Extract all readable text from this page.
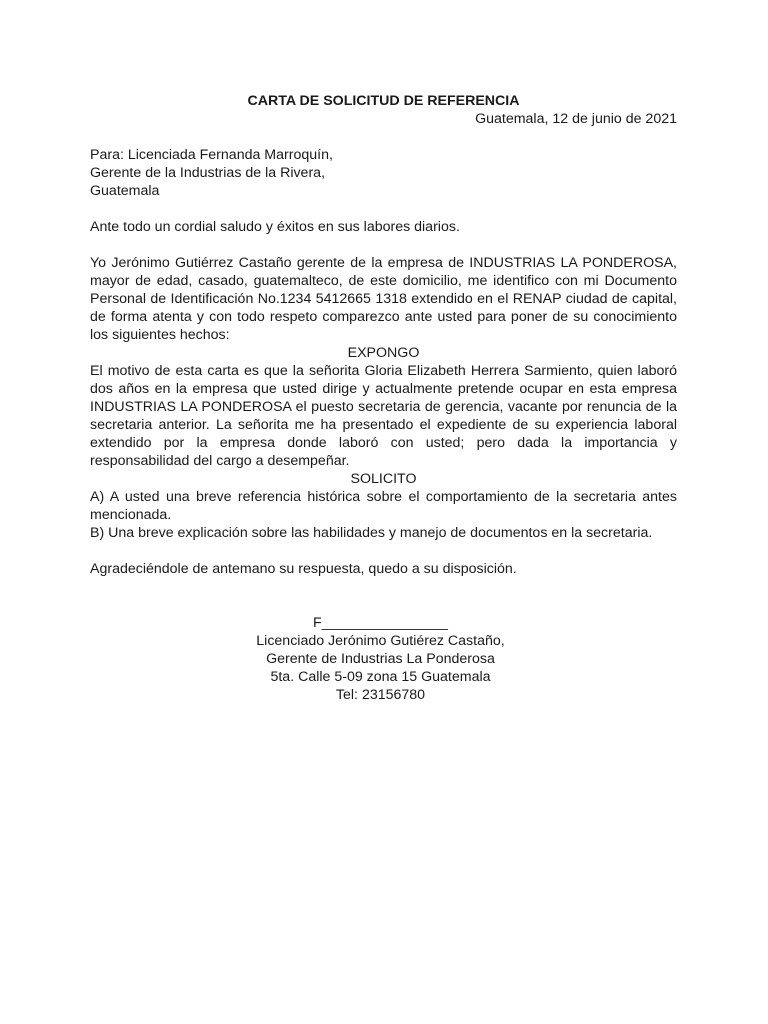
CARTA DE SOLICITUD DE REFERENCIA

Guatemala, 12 de junio de 2021

Para: Licenciada Fernanda Marroquín,

Gerente de la Industrias de la Rivera,

Guatemala

Ante todo un cordial saludo y éxitos en sus labores diarios.

Yo Jerónimo Gutiérrez Castaño gerente de la empresa de INDUSTRIAS LA PONDEROSA, mayor de edad, casado, guatemalteco, de este domicilio, me identifico con mi Documento Personal de Identificación No.1234 5412665 1318 extendido en el RENAP ciudad de capital, de forma atenta y con todo respeto comparezco ante usted para poner de su conocimiento los siguientes hechos:

EXPONGO

El motivo de esta carta es que la señorita Gloria Elizabeth Herrera Sarmiento, quien laboró dos años en la empresa que usted dirige y actualmente pretende ocupar en esta empresa INDUSTRIAS LA PONDEROSA el puesto secretaria de gerencia, vacante por renuncia de la secretaria anterior. La señorita me ha presentado el expediente de su experiencia laboral extendido por la empresa donde laboró con usted; pero dada la importancia y responsabilidad del cargo a desempeñar.

SOLICITO

A) A usted una breve referencia histórica sobre el comportamiento de la secretaria antes mencionada.

B) Una breve explicación sobre las habilidades y manejo de documentos en la secretaria.

Agradeciéndole de antemano su respuesta, quedo a su disposición.

F________________

Licenciado Jerónimo Gutiérez Castaño,

Gerente de Industrias La Ponderosa

5ta. Calle 5-09 zona 15 Guatemala

Tel: 23156780
